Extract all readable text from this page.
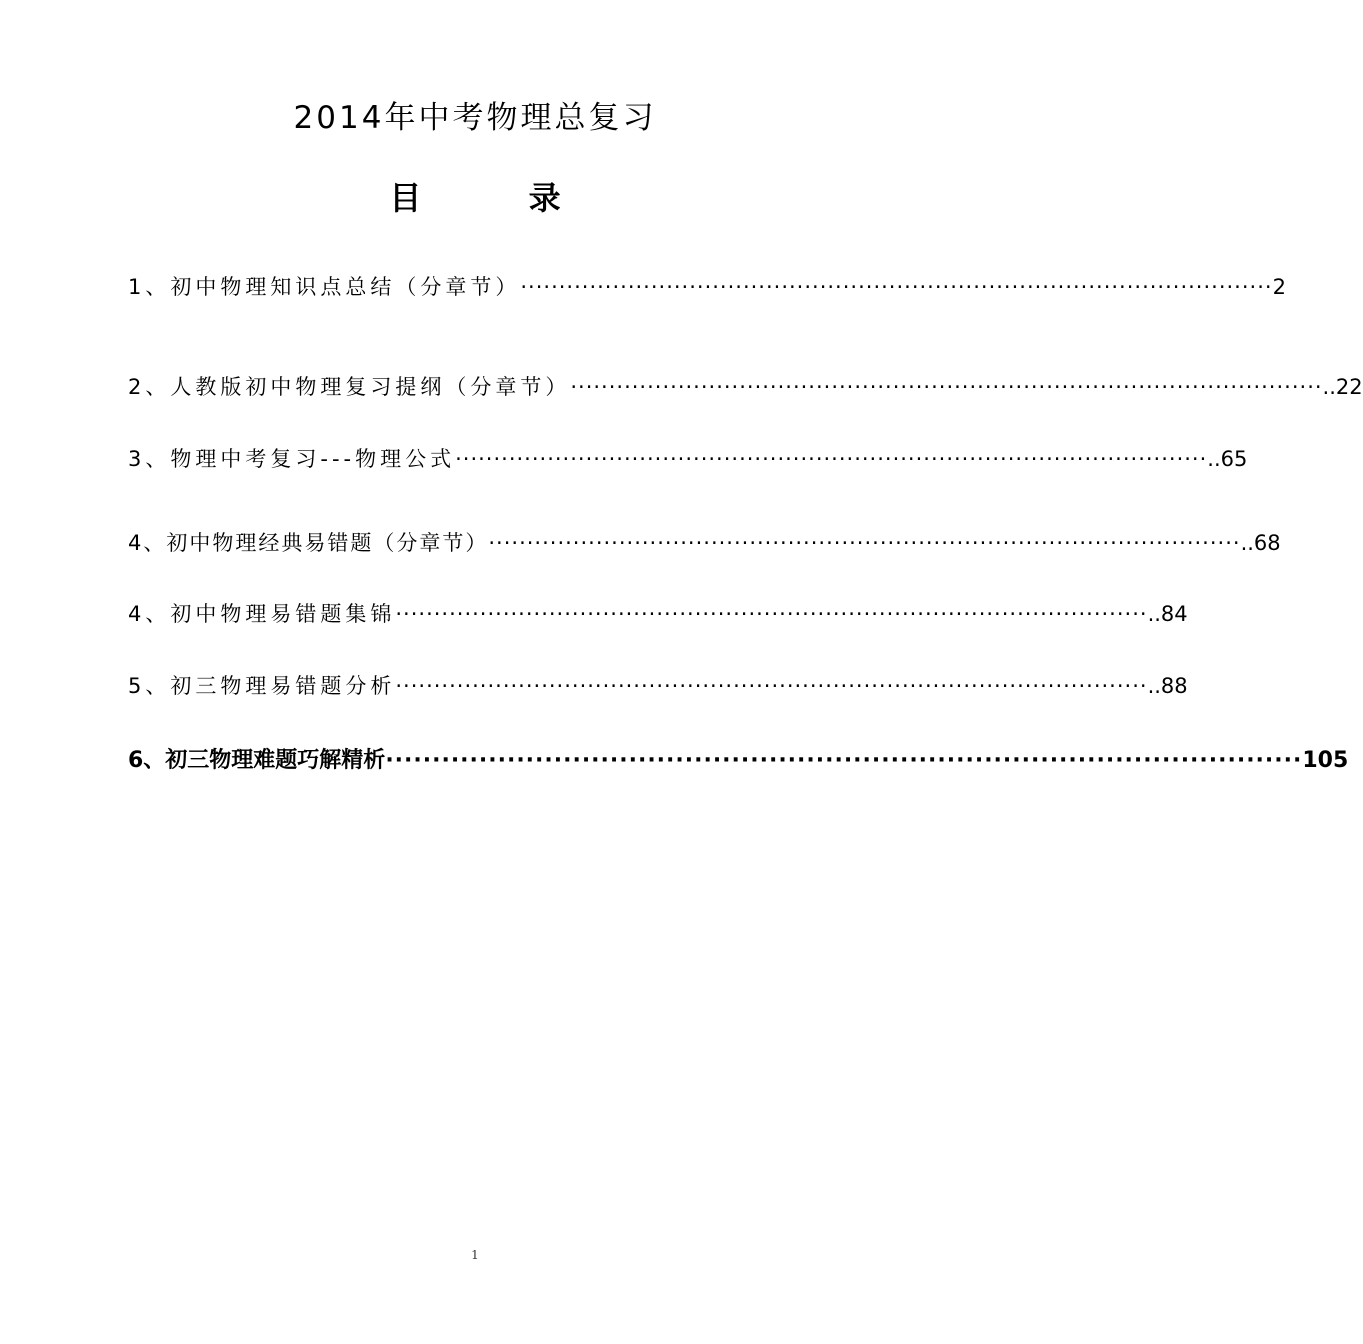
2014年中考物理总复习
目 录
1、初中物理知识点总结（分章节） ·································································································· 2
2、人教版初中物理复习提纲（分章节） ·································································································· ..22
3、物理中考复习---物理公式 ·································································································· ..65
4、初中物理经典易错题（分章节） ·································································································· ..68
4、初中物理易错题集锦 ·································································································· ..84
5、初三物理易错题分析 ·································································································· ..88
6、初三物理难题巧解精析 ·································································································· 105
1
